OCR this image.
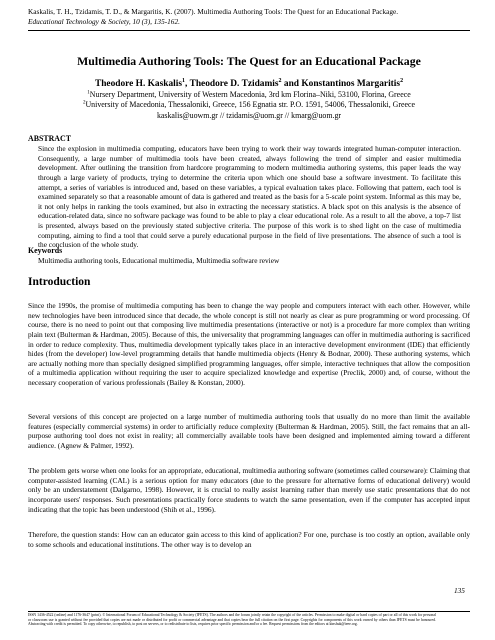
Kaskalis, T. H., Tzidamis, T. D., & Margaritis, K. (2007). Multimedia Authoring Tools: The Quest for an Educational Package.
Educational Technology & Society, 10 (3), 135-162.
Multimedia Authoring Tools: The Quest for an Educational Package
Theodore H. Kaskalis$^1$, Theodore D. Tzidamis$^2$ and Konstantinos Margaritis$^2$
$^1$Nursery Department, University of Western Macedonia, 3rd km Florina–Niki, 53100, Florina, Greece
$^2$University of Macedonia, Thessaloniki, Greece, 156 Egnatia str. P.O. 1591, 54006, Thessaloniki, Greece
kaskalis@uowm.gr // tzidamis@uom.gr // kmarg@uom.gr
ABSTRACT

Since the explosion in multimedia computing, educators have been trying to work their way towards integrated human-computer interaction. Consequently, a large number of multimedia tools have been created, always following the trend of simpler and easier multimedia development. After outlining the transition from hardcore programming to modern multimedia authoring systems, this paper leads the way through a large variety of products, trying to determine the criteria upon which one should base a software investment. To facilitate this attempt, a series of variables is introduced and, based on these variables, a typical evaluation takes place. Following that pattern, each tool is examined separately so that a reasonable amount of data is gathered and treated as the basis for a 5-scale point system. Informal as this may be, it not only helps in ranking the tools examined, but also in extracting the necessary statistics. A black spot on this analysis is the absence of education-related data, since no software package was found to be able to play a clear educational role. As a result to all the above, a top-7 list is presented, always based on the previously stated subjective criteria. The purpose of this work is to shed light on the case of multimedia computing, aiming to find a tool that could serve a purely educational purpose in the field of live presentations. The absence of such a tool is the conclusion of the whole study.

Keywords
Multimedia authoring tools, Educational multimedia, Multimedia software review
Introduction

Since the 1990s, the promise of multimedia computing has been to change the way people and computers interact with each other. However, while new technologies have been introduced since that decade, the whole concept is still not nearly as clear as pure programming or word processing. Of course, there is no need to point out that composing live multimedia presentations (interactive or not) is a procedure far more complex than writing plain text (Bulterman & Hardman, 2005). Because of this, the universality that programming languages can offer in multimedia authoring is sacrificed in order to reduce complexity. Thus, multimedia development typically takes place in an interactive development environment (IDE) that efficiently hides (from the developer) low-level programming details that handle multimedia objects (Henry & Bodnar, 2000). These authoring systems, which are actually nothing more than specially designed simplified programming languages, offer simple, interactive techniques that allow the composition of a multimedia application without requiring the user to acquire specialized knowledge and expertise (Preclik, 2000) and, of course, without the necessary cooperation of various professionals (Bailey & Konstan, 2000).

Several versions of this concept are projected on a large number of multimedia authoring tools that usually do no more than limit the available features (especially commercial systems) in order to artificially reduce complexity (Bulterman & Hardman, 2005). Still, the fact remains that an all-purpose authoring tool does not exist in reality; all commercially available tools have been designed and implemented aiming toward a different audience. (Agnew & Palmer, 1992).

The problem gets worse when one looks for an appropriate, educational, multimedia authoring software (sometimes called courseware): Claiming that computer-assisted learning (CAL) is a serious option for many educators (due to the pressure for alternative forms of educational delivery) would only be an understatement (Dalgarno, 1998). However, it is crucial to really assist learning rather than merely use static presentations that do not incorporate users' responses. Such presentations practically force students to watch the same presentation, even if the computer has accepted input indicating that the topic has been understood (Shih et al., 1996).

Therefore, the question stands: How can an educator gain access to this kind of application? For one, purchase is too costly an option, available only to some schools and educational institutions. The other way is to develop an

135
ISSN 1436-4522 (online) and 1176-3647 (print). © International Forum of Educational Technology & Society (IFETS). The authors and the forum jointly retain the copyright of the articles. Permission to make digital or hard copies of part or all of this work for personal or classroom use is granted without fee provided that copies are not made or distributed for profit or commercial advantage and that copies bear the full citation on the first page. Copyrights for components of this work owned by others than IFETS must be honoured. Abstracting with credit is permitted. To copy otherwise, to republish, to post on servers, or to redistribute to lists, requires prior specific permission and/or a fee. Request permissions from the editors at kinshuk@ieee.org.
